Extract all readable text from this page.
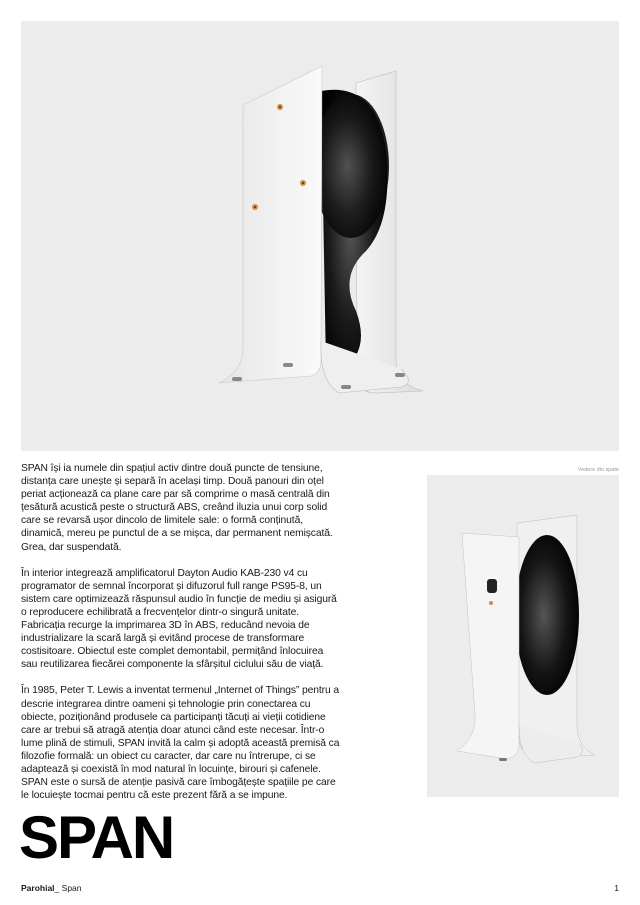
Vedere din spate

SPAN își ia numele din spațiul activ dintre două puncte de tensiune, distanța care unește și separă în același timp. Două panouri din oțel periat acționează ca plane care par să comprime o masă centrală din țesătură acustică peste o structură ABS, creând iluzia unui corp solid care se revarsă ușor dincolo de limitele sale: o formă conținută, dinamică, mereu pe punctul de a se mișca, dar permanent nemișcată. Grea, dar suspendată.

În interior integrează amplificatorul Dayton Audio KAB-230 v4 cu programator de semnal încorporat și difuzorul full range PS95-8, un sistem care optimizează răspunsul audio în funcție de mediu și asigură o reproducere echilibrată a frecvențelor dintr-o singură unitate. Fabricația recurge la imprimarea 3D în ABS, reducând nevoia de industrializare la scară largă și evitând procese de transformare costisitoare. Obiectul este complet demontabil, permițând înlocuirea sau reutilizarea fiecărei componente la sfârșitul ciclului său de viață.

În 1985, Peter T. Lewis a inventat termenul „Internet of Things” pentru a descrie integrarea dintre oameni și tehnologie prin conectarea cu obiecte, poziționând produsele ca participanți tăcuți ai vieții cotidiene care ar trebui să atragă atenția doar atunci când este necesar. Într-o lume plină de stimuli, SPAN invită la calm și adoptă această premisă ca filozofie formală: un obiect cu caracter, dar care nu întrerupe, ci se adaptează și coexistă în mod natural în locuințe, birouri și cafenele. SPAN este o sursă de atenție pasivă care îmbogățește spațiile pe care le locuiește tocmai pentru că este prezent fără a se impune.

SPAN
Parohial_ Span	1
